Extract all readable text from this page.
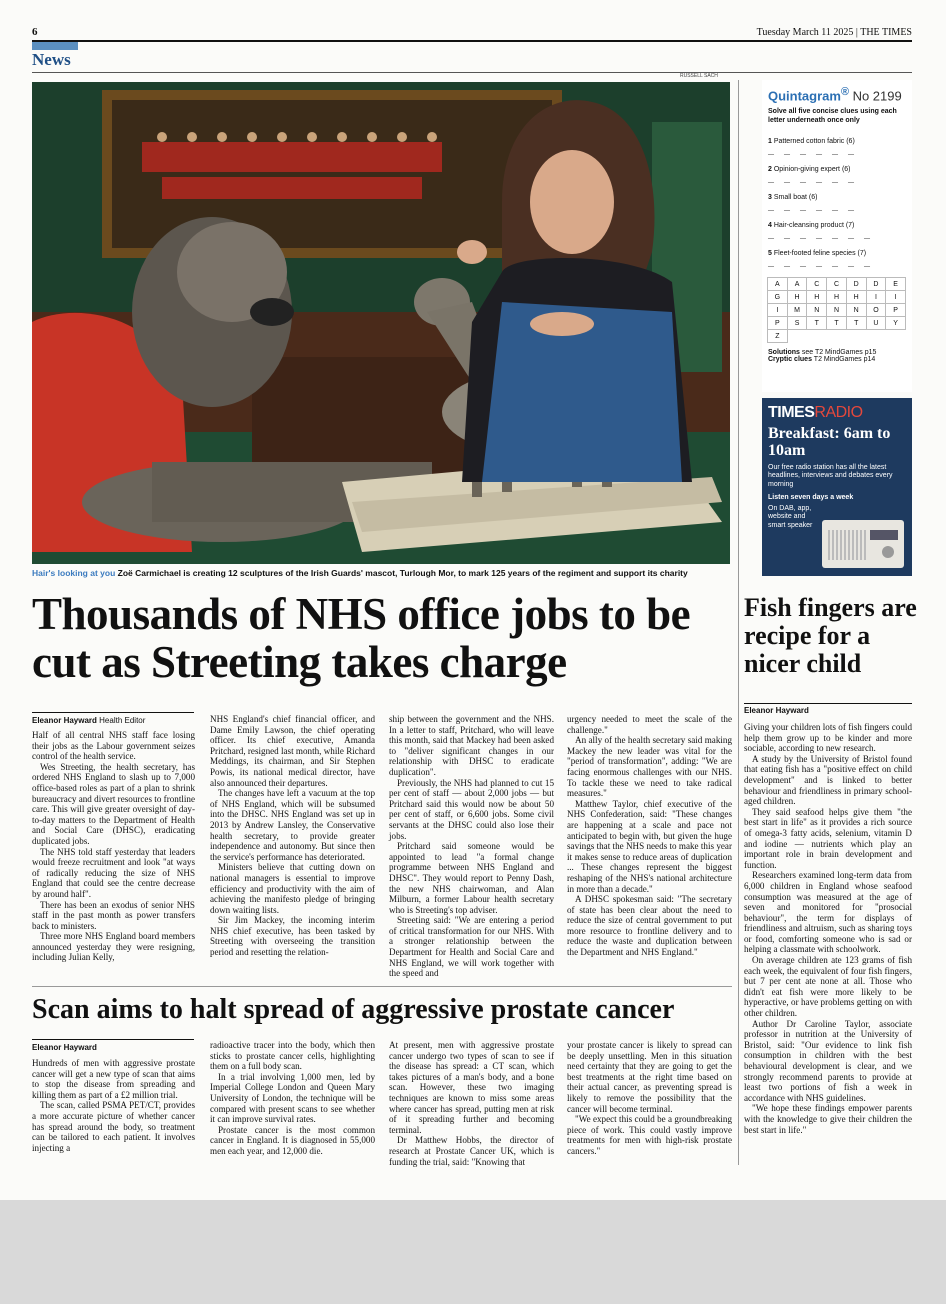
6	Tuesday March 11 2025 | THE TIMES
News
RUSSELL SACH
Hair's looking at you Zoë Carmichael is creating 12 sculptures of the Irish Guards' mascot, Turlough Mor, to mark 125 years of the regiment and support its charity
Quintagram® No 2199
Solve all five concise clues using each letter underneath once only
1 Patterned cotton fabric (6)
_ _ _ _ _ _
2 Opinion-giving expert (6)
_ _ _ _ _ _
3 Small boat (6)
_ _ _ _ _ _
4 Hair-cleansing product (7)
_ _ _ _ _ _ _
5 Fleet-footed feline species (7)
_ _ _ _ _ _ _
A	A	C	C	D	D	E
G	H	H	H	H	I	I
I	M	N	N	N	O	P
P	S	T	T	T	U	Y
Z
Solutions see T2 MindGames p15
Cryptic clues T2 MindGames p14
TIMESRADIO
Breakfast: 6am to 10am
Our free radio station has all the latest headlines, interviews and debates every morning
Listen seven days a week
On DAB, app, website and smart speaker
Thousands of NHS office jobs to be cut as Streeting takes charge
Eleanor Hayward Health Editor

Half of all central NHS staff face losing their jobs as the Labour government seizes control of the health service.

Wes Streeting, the health secretary, has ordered NHS England to slash up to 7,000 office-based roles as part of a plan to shrink bureaucracy and divert resources to frontline care. This will give greater oversight of day-to-day matters to the Department of Health and Social Care (DHSC), eradicating duplicated jobs.

The NHS told staff yesterday that leaders would freeze recruitment and look "at ways of radically reducing the size of NHS England that could see the centre decrease by around half".

There has been an exodus of senior NHS staff in the past month as power transfers back to ministers.

Three more NHS England board members announced yesterday they were resigning, including Julian Kelly,

NHS England's chief financial officer, and Dame Emily Lawson, the chief operating officer. Its chief executive, Amanda Pritchard, resigned last month, while Richard Meddings, its chairman, and Sir Stephen Powis, its national medical director, have also announced their departures.

The changes have left a vacuum at the top of NHS England, which will be subsumed into the DHSC. NHS England was set up in 2013 by Andrew Lansley, the Conservative health secretary, to provide greater independence and autonomy. But since then the service's performance has deteriorated.

Ministers believe that cutting down on national managers is essential to improve efficiency and productivity with the aim of achieving the manifesto pledge of bringing down waiting lists.

Sir Jim Mackey, the incoming interim NHS chief executive, has been tasked by Streeting with overseeing the transition period and resetting the relation-

ship between the government and the NHS. In a letter to staff, Pritchard, who will leave this month, said that Mackey had been asked to "deliver significant changes in our relationship with DHSC to eradicate duplication".

Previously, the NHS had planned to cut 15 per cent of staff — about 2,000 jobs — but Pritchard said this would now be about 50 per cent of staff, or 6,600 jobs. Some civil servants at the DHSC could also lose their jobs.

Pritchard said someone would be appointed to lead "a formal change programme between NHS England and DHSC". They would report to Penny Dash, the new NHS chairwoman, and Alan Milburn, a former Labour health secretary who is Streeting's top adviser.

Streeting said: "We are entering a period of critical transformation for our NHS. With a stronger relationship between the Department for Health and Social Care and NHS England, we will work together with the speed and

urgency needed to meet the scale of the challenge."

An ally of the health secretary said making Mackey the new leader was vital for the "period of transformation", adding: "We are facing enormous challenges with our NHS. To tackle these we need to take radical measures."

Matthew Taylor, chief executive of the NHS Confederation, said: "These changes are happening at a scale and pace not anticipated to begin with, but given the huge savings that the NHS needs to make this year it makes sense to reduce areas of duplication ... These changes represent the biggest reshaping of the NHS's national architecture in more than a decade."

A DHSC spokesman said: "The secretary of state has been clear about the need to reduce the size of central government to put more resource to frontline delivery and to reduce the waste and duplication between the Department and NHS England."

Fish fingers are recipe for a nicer child
Eleanor Hayward

Giving your children lots of fish fingers could help them grow up to be kinder and more sociable, according to new research.

A study by the University of Bristol found that eating fish has a "positive effect on child development" and is linked to better behaviour and friendliness in primary school-aged children.

They said seafood helps give them "the best start in life" as it provides a rich source of omega-3 fatty acids, selenium, vitamin D and iodine — nutrients which play an important role in brain development and function.

Researchers examined long-term data from 6,000 children in England whose seafood consumption was measured at the age of seven and monitored for "prosocial behaviour", the term for displays of friendliness and altruism, such as sharing toys or food, comforting someone who is sad or helping a classmate with schoolwork.

On average children ate 123 grams of fish each week, the equivalent of four fish fingers, but 7 per cent ate none at all. Those who didn't eat fish were more likely to be hyperactive, or have problems getting on with other children.

Author Dr Caroline Taylor, associate professor in nutrition at the University of Bristol, said: "Our evidence to link fish consumption in children with the best behavioural development is clear, and we strongly recommend parents to provide at least two portions of fish a week in accordance with NHS guidelines.

"We hope these findings empower parents with the knowledge to give their children the best start in life."

Scan aims to halt spread of aggressive prostate cancer
Eleanor Hayward

Hundreds of men with aggressive prostate cancer will get a new type of scan that aims to stop the disease from spreading and killing them as part of a £2 million trial.

The scan, called PSMA PET/CT, provides a more accurate picture of whether cancer has spread around the body, so treatment can be tailored to each patient. It involves injecting a

radioactive tracer into the body, which then sticks to prostate cancer cells, highlighting them on a full body scan.

In a trial involving 1,000 men, led by Imperial College London and Queen Mary University of London, the technique will be compared with present scans to see whether it can improve survival rates.

Prostate cancer is the most common cancer in England. It is diagnosed in 55,000 men each year, and 12,000 die.

At present, men with aggressive prostate cancer undergo two types of scan to see if the disease has spread: a CT scan, which takes pictures of a man's body, and a bone scan. However, these two imaging techniques are known to miss some areas where cancer has spread, putting men at risk of it spreading further and becoming terminal.

Dr Matthew Hobbs, the director of research at Prostate Cancer UK, which is funding the trial, said: "Knowing that

your prostate cancer is likely to spread can be deeply unsettling. Men in this situation need certainty that they are going to get the best treatments at the right time based on their actual cancer, as preventing spread is likely to remove the possibility that the cancer will become terminal.

"We expect this could be a groundbreaking piece of work. This could vastly improve treatments for men with high-risk prostate cancers."
